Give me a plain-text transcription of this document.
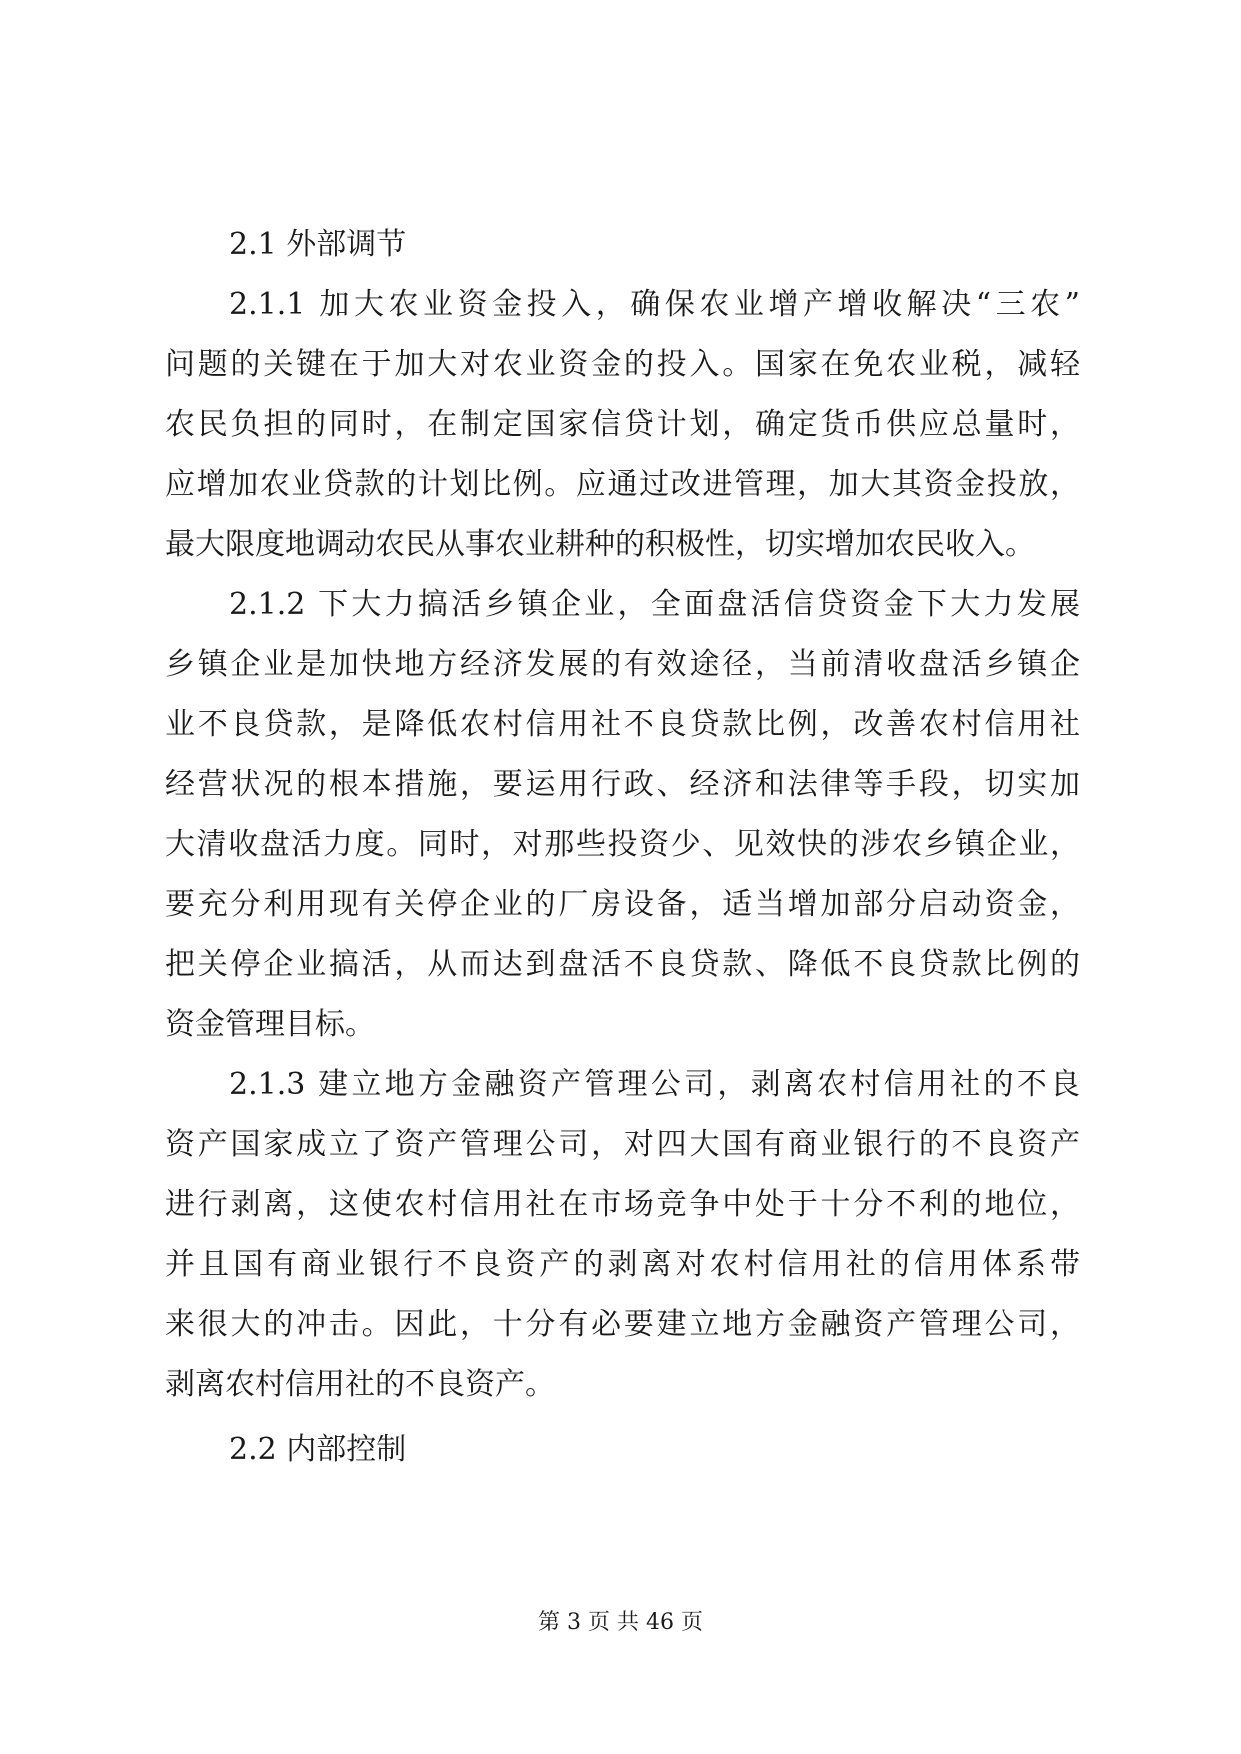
2.1 外部调节
2.1.1 加大农业资金投入，确保农业增产增收解决“三农”
问题的关键在于加大对农业资金的投入。国家在免农业税，减轻
农民负担的同时，在制定国家信贷计划，确定货币供应总量时，
应增加农业贷款的计划比例。应通过改进管理，加大其资金投放，
最大限度地调动农民从事农业耕种的积极性，切实增加农民收入。
2.1.2 下大力搞活乡镇企业，全面盘活信贷资金下大力发展
乡镇企业是加快地方经济发展的有效途径，当前清收盘活乡镇企
业不良贷款，是降低农村信用社不良贷款比例，改善农村信用社
经营状况的根本措施，要运用行政、经济和法律等手段，切实加
大清收盘活力度。同时，对那些投资少、见效快的涉农乡镇企业，
要充分利用现有关停企业的厂房设备，适当增加部分启动资金，
把关停企业搞活，从而达到盘活不良贷款、降低不良贷款比例的
资金管理目标。
2.1.3 建立地方金融资产管理公司，剥离农村信用社的不良
资产国家成立了资产管理公司，对四大国有商业银行的不良资产
进行剥离，这使农村信用社在市场竞争中处于十分不利的地位，
并且国有商业银行不良资产的剥离对农村信用社的信用体系带
来很大的冲击。因此，十分有必要建立地方金融资产管理公司，
剥离农村信用社的不良资产。
2.2 内部控制
第 3 页 共 46 页
